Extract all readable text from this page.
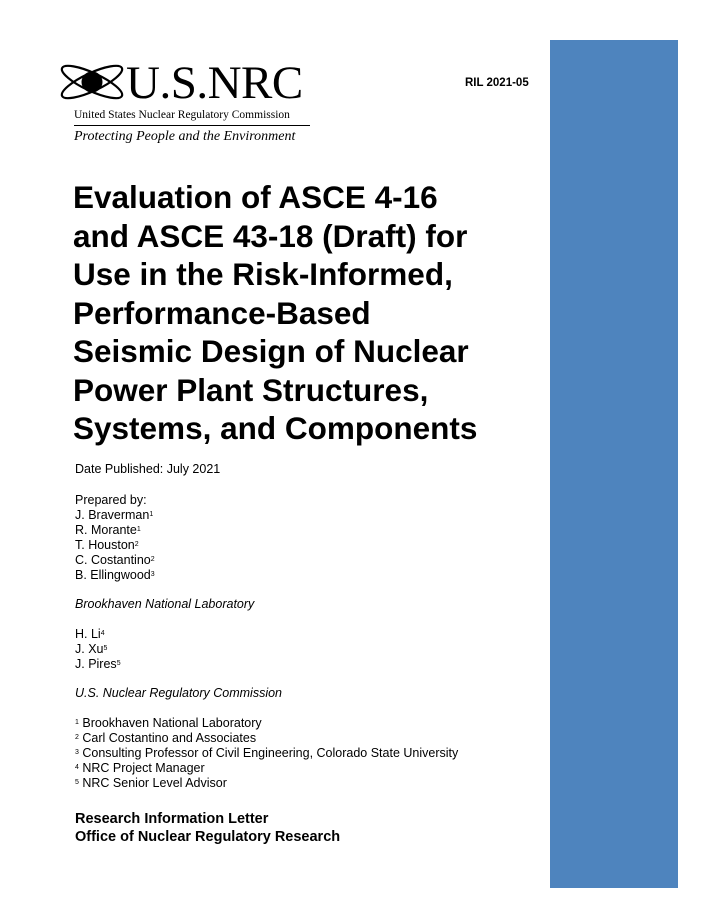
U.S.NRC

United States Nuclear Regulatory Commission

Protecting People and the Environment

RIL 2021-05

Evaluation of ASCE 4-16
and ASCE 43-18 (Draft) for
Use in the Risk-Informed,
Performance-Based
Seismic Design of Nuclear
Power Plant Structures,
Systems, and Components

Date Published: July 2021

Prepared by:
J. Braverman$^1$
R. Morante$^1$
T. Houston$^2$
C. Costantino$^2$
B. Ellingwood$^3$

Brookhaven National Laboratory

H. Li$^4$
J. Xu$^5$
J. Pires$^5$

U.S. Nuclear Regulatory Commission

$^1$ Brookhaven National Laboratory
$^2$ Carl Costantino and Associates
$^3$ Consulting Professor of Civil Engineering, Colorado State University
$^4$ NRC Project Manager
$^5$ NRC Senior Level Advisor
Research Information Letter
Office of Nuclear Regulatory Research
